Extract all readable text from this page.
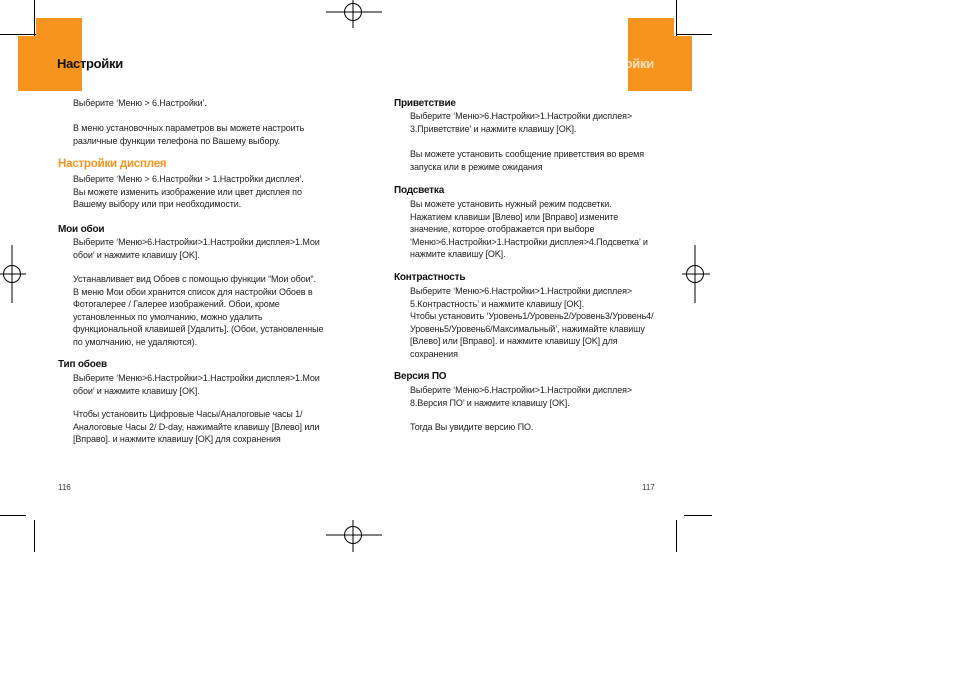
Настройки

Выберите ‘Меню > 6.Настройки’.

В меню установочных параметров вы можете настроить
различные функции телефона по Вашему выбору.

Настройки дисплея

Выберите ‘Меню > 6.Настройки > 1.Настройки дисплея’.
Вы можете изменить изображение или цвет дисплея по
Вашему выбору или при необходимости.

Мои обои

Выберите ‘Меню>6.Настройки>1.Настройки дисплея>1.Мои
обои’ и нажмите клавишу [OK].

Устанавливает вид Обоев с помощью функции “Мои обои”.
В меню Мои обои хранится список для настройки Обоев в
Фотогалерее / Галерее изображений. Обои, кроме
установленных по умолчанию, можно удалить
функциональной клавишей [Удалить]. (Обои, установленные
по умолчанию, не удаляются).

Тип обоев

Выберите ‘Меню>6.Настройки>1.Настройки дисплея>1.Мои
обои’ и нажмите клавишу [OK].

Чтобы установить Цифровые Часы/Аналоговые часы 1/
Аналоговые Часы 2/ D-day, нажимайте клавишу [Влево] или
[Вправо]. и нажмите клавишу [OK] для сохранения

116
Настройки
Приветствие

Выберите ‘Меню>6.Настройки>1.Настройки дисплея>
3.Приветствие’ и нажмите клавишу [OK].

Вы можете установить сообщение приветствия во время
запуска или в режиме ожидания

Подсветка

Вы можете установить нужный режим подсветки.
Нажатием клавиши [Влево] или [Вправо] измените
значение, которое отображается при выборе
‘Меню>6.Настройки>1.Настройки дисплея>4.Подсветка’ и
нажмите клавишу [OK].

Контрастность

Выберите ‘Меню>6.Настройки>1.Настройки дисплея>
5.Контрастность’ и нажмите клавишу [OK].
Чтобы установить ‘Уровень1/Уровень2/Уровень3/Уровень4/
Уровень5/Уровень6/Максимальный’, нажимайте клавишу
[Влево] или [Вправо]. и нажмите клавишу [OK] для
сохранения

Версия ПО

Выберите ‘Меню>6.Настройки>1.Настройки дисплея>
8.Версия ПО’ и нажмите клавишу [OK].

Тогда Вы увидите версию ПО.

117
